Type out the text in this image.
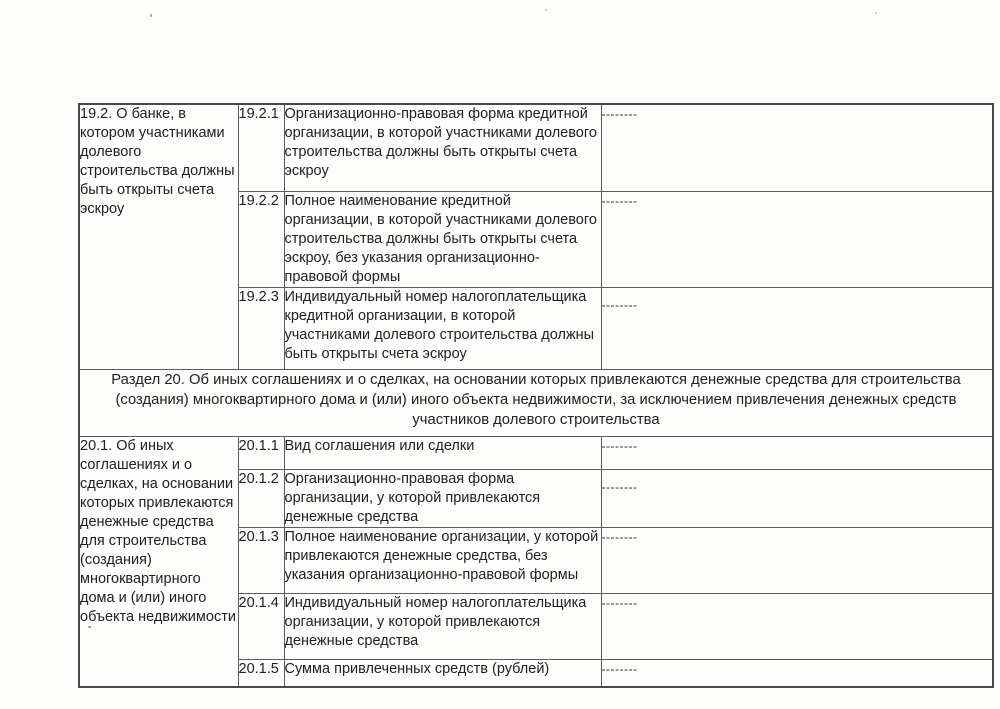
19.2. О банке, в котором участниками долевого строительства должны быть открыты счета эскроу	19.2.1	Организационно-правовая форма кредитной организации, в которой участниками долевого строительства должны быть открыты счета эскроу	--------
	19.2.2	Полное наименование кредитной организации, в которой участниками долевого строительства должны быть открыты счета эскроу, без указания организационно-правовой формы	--------
	19.2.3	Индивидуальный номер налогоплательщика кредитной организации, в которой участниками долевого строительства должны быть открыты счета эскроу	--------
Раздел 20. Об иных соглашениях и о сделках, на основании которых привлекаются денежные средства для строительства (создания) многоквартирного дома и (или) иного объекта недвижимости, за исключением привлечения денежных средств участников долевого строительства			
20.1. Об иных соглашениях и о сделках, на основании которых привлекаются денежные средства для строительства (создания) многоквартирного дома и (или) иного объекта недвижимости	20.1.1	Вид соглашения или сделки	--------
	20.1.2	Организационно-правовая форма организации, у которой привлекаются денежные средства	--------
	20.1.3	Полное наименование организации, у которой привлекаются денежные средства, без указания организационно-правовой формы	--------
	20.1.4	Индивидуальный номер налогоплательщика организации, у которой привлекаются денежные средства	--------
	20.1.5	Сумма привлеченных средств (рублей)	--------
